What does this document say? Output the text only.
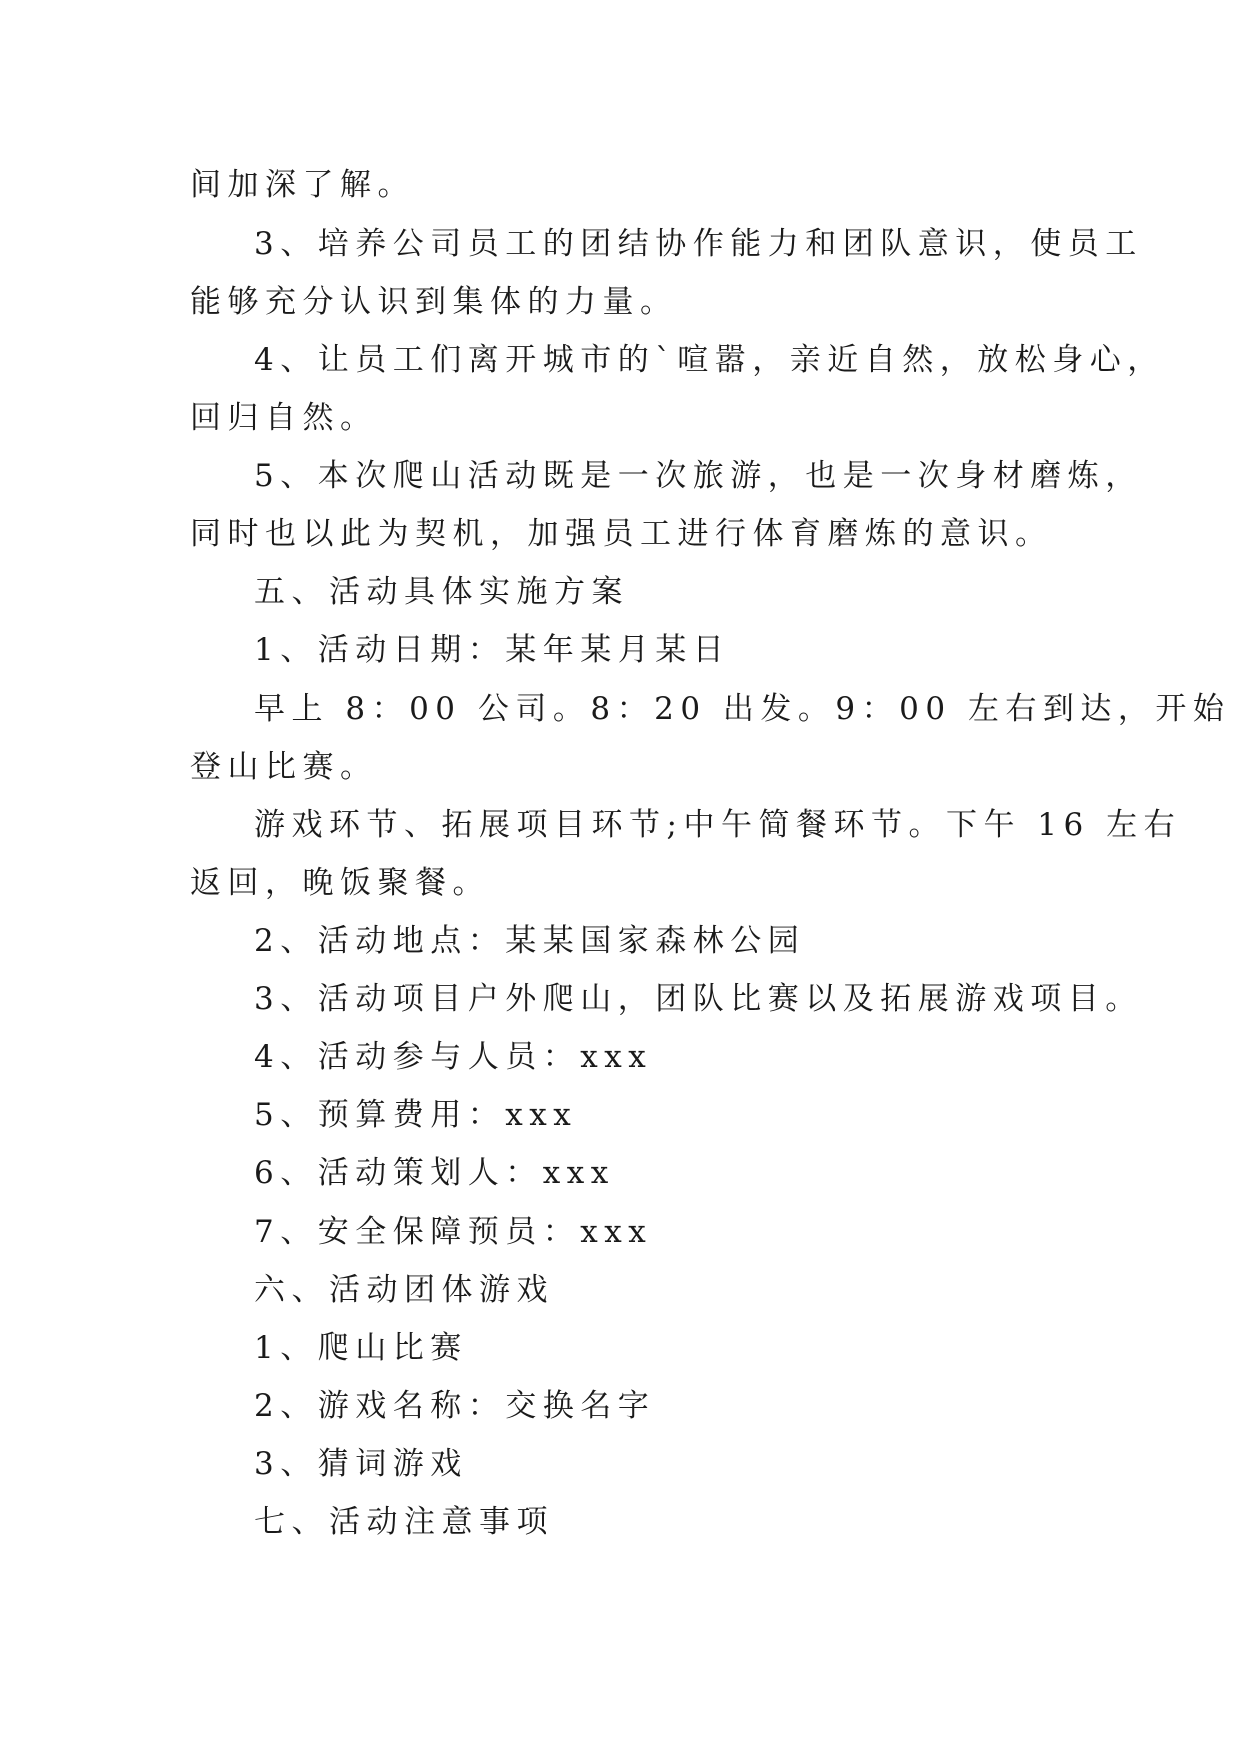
间加深了解。
3、培养公司员工的团结协作能力和团队意识，使员工
能够充分认识到集体的力量。
4、让员工们离开城市的`喧嚣，亲近自然，放松身心，
回归自然。
5、本次爬山活动既是一次旅游，也是一次身材磨炼，
同时也以此为契机，加强员工进行体育磨炼的意识。
五、活动具体实施方案
1、活动日期：某年某月某日
早上 8：00 公司。8：20 出发。9：00 左右到达，开始
登山比赛。
游戏环节、拓展项目环节;中午简餐环节。下午 16 左右
返回，晚饭聚餐。
2、活动地点：某某国家森林公园
3、活动项目户外爬山，团队比赛以及拓展游戏项目。
4、活动参与人员：xxx
5、预算费用：xxx
6、活动策划人：xxx
7、安全保障预员：xxx
六、活动团体游戏
1、爬山比赛
2、游戏名称：交换名字
3、猜词游戏
七、活动注意事项
